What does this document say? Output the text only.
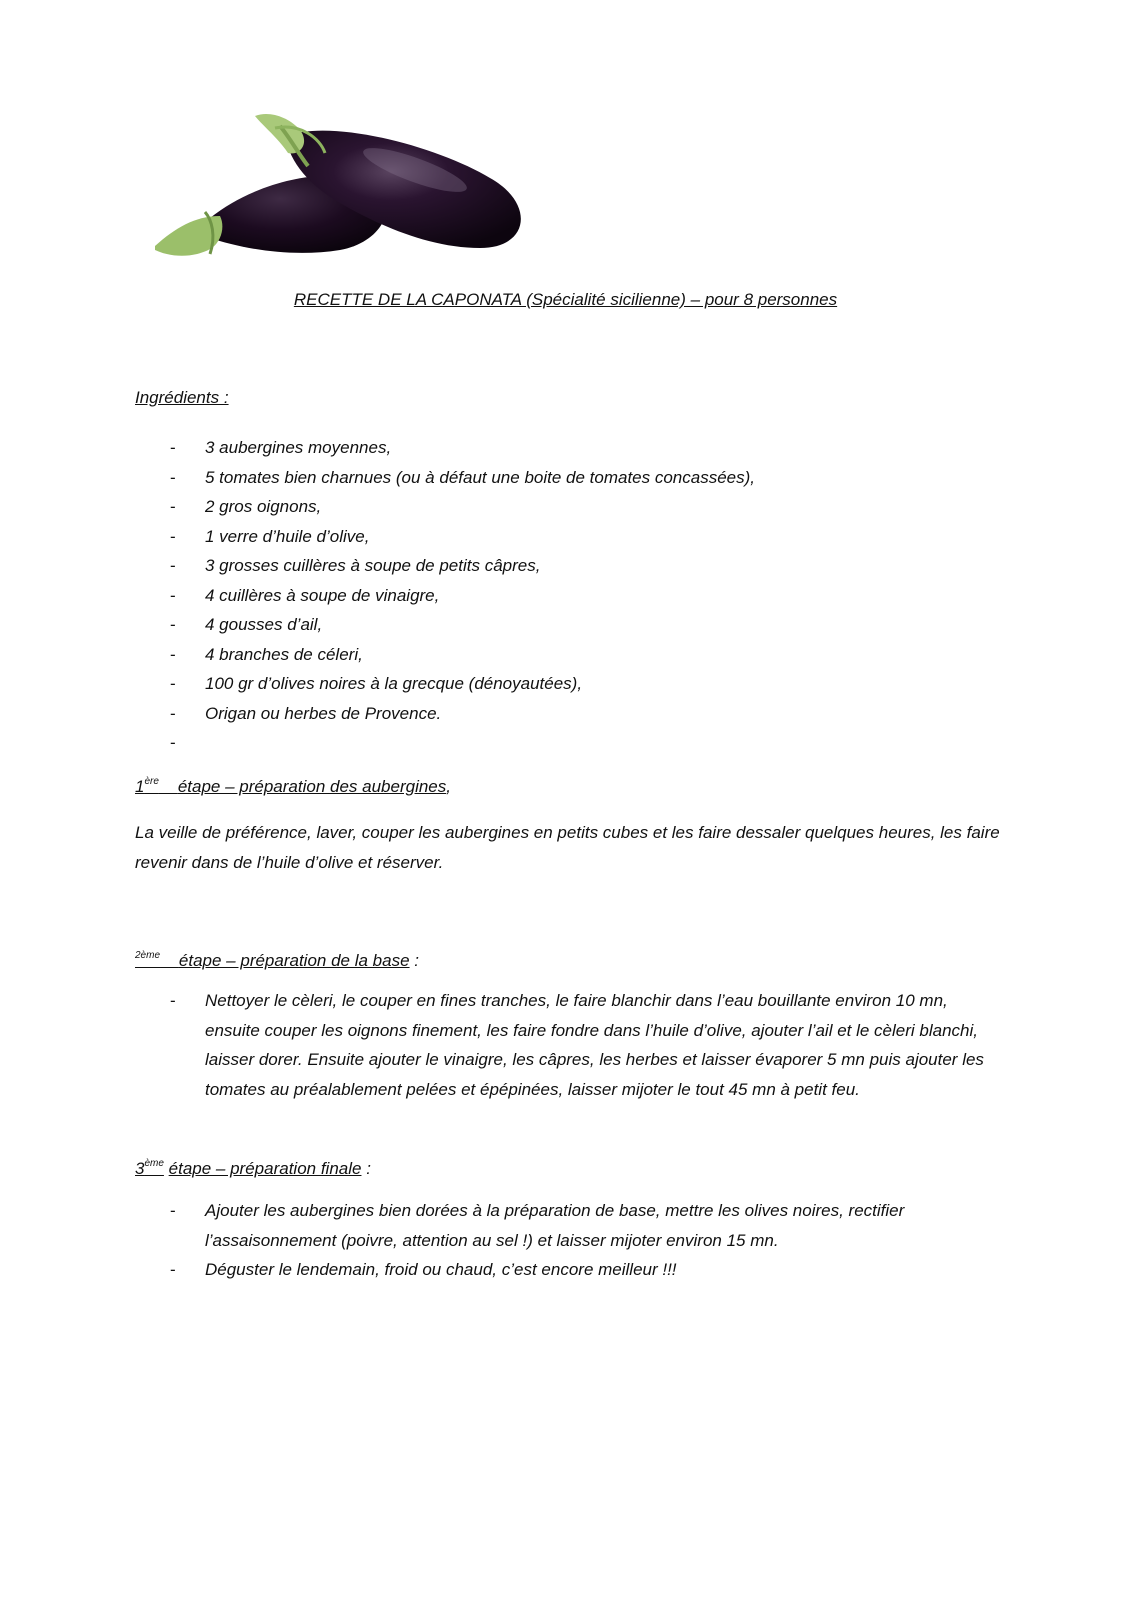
RECETTE DE LA CAPONATA (Spécialité sicilienne) – pour 8 personnes
Ingrédients :
- 3 aubergines moyennes,
- 5 tomates bien charnues (ou à défaut une boite de tomates concassées),
- 2 gros oignons,
- 1 verre d’huile d’olive,
- 3 grosses cuillères à soupe de petits câpres,
- 4 cuillères à soupe de vinaigre,
- 4 gousses d’ail,
- 4 branches de céleri,
- 100 gr d’olives noires à la grecque (dénoyautées),
- Origan ou herbes de Provence.
-

1ère étape – préparation des aubergines,

La veille de préférence, laver, couper les aubergines en petits cubes et les faire dessaler quelques heures, les faire revenir dans de l’huile d’olive et réserver.

$^{2ème}$ étape – préparation de la base :
- Nettoyer le cèleri, le couper en fines tranches, le faire blanchir dans l’eau bouillante environ 10 mn, ensuite couper les oignons finement, les faire fondre dans l’huile d’olive, ajouter l’ail et le cèleri blanchi, laisser dorer. Ensuite ajouter le vinaigre, les câpres, les herbes et laisser évaporer 5 mn puis ajouter les tomates au préalablement pelées et épépinées, laisser mijoter le tout 45 mn à petit feu.
3ème étape – préparation finale :
- Ajouter les aubergines bien dorées à la préparation de base, mettre les olives noires, rectifier l’assaisonnement (poivre, attention au sel !) et laisser mijoter environ 15 mn.
- Déguster le lendemain, froid ou chaud, c’est encore meilleur !!!
